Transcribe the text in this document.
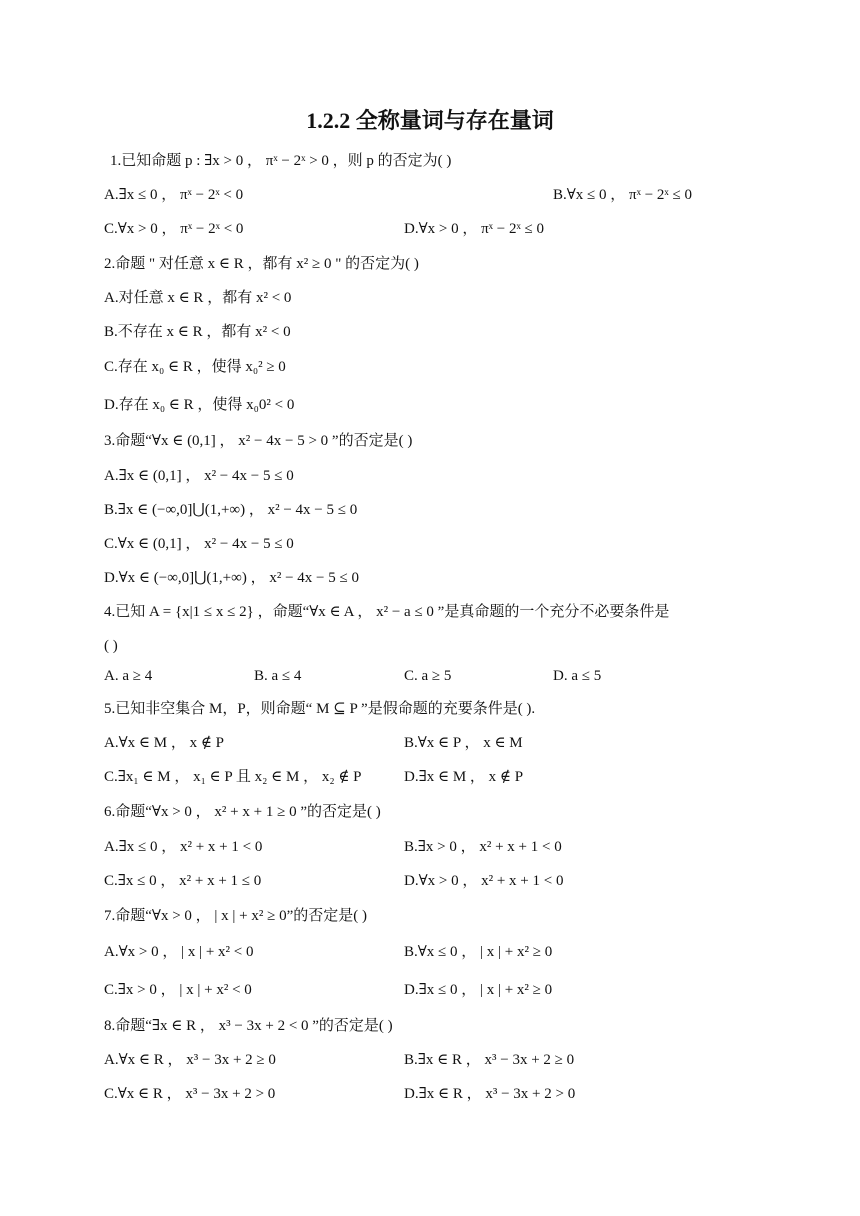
1.2.2 全称量词与存在量词
1.已知命题 p : ∃x > 0 ， πˣ − 2ˣ > 0 ，则 p 的否定为( )
A.∃x ≤ 0 ， πˣ − 2ˣ < 0	B.∀x ≤ 0 ， πˣ − 2ˣ ≤ 0
C.∀x > 0 ， πˣ − 2ˣ < 0	D.∀x > 0 ， πˣ − 2ˣ ≤ 0
2.命题 " 对任意 x ∈ R ，都有 x² ≥ 0 " 的否定为( )
A.对任意 x ∈ R ，都有 x² < 0
B.不存在 x ∈ R ，都有 x² < 0
C.存在 x₀ ∈ R ，使得 x₀² ≥ 0
D.存在 x₀ ∈ R ，使得 x₀0² < 0
3.命题“∀x ∈ (0,1] ， x² − 4x − 5 > 0 ”的否定是( )
A.∃x ∈ (0,1] ， x² − 4x − 5 ≤ 0
B.∃x ∈ (−∞,0]⋃(1,+∞) ， x² − 4x − 5 ≤ 0
C.∀x ∈ (0,1] ， x² − 4x − 5 ≤ 0
D.∀x ∈ (−∞,0]⋃(1,+∞) ， x² − 4x − 5 ≤ 0
4.已知 A = {x|1 ≤ x ≤ 2} ，命题“∀x ∈ A ， x² − a ≤ 0 ”是真命题的一个充分不必要条件是
( )
A. a ≥ 4	B. a ≤ 4	C. a ≥ 5	D. a ≤ 5
5.已知非空集合 M，P，则命题“ M ⊆ P ”是假命题的充要条件是( ).
A.∀x ∈ M ， x ∉ P	B.∀x ∈ P ， x ∈ M
C.∃x₁ ∈ M ， x₁ ∈ P 且 x₂ ∈ M ， x₂ ∉ P	D.∃x ∈ M ， x ∉ P
6.命题“∀x > 0 ， x² + x + 1 ≥ 0 ”的否定是( )
A.∃x ≤ 0 ， x² + x + 1 < 0	B.∃x > 0 ， x² + x + 1 < 0
C.∃x ≤ 0 ， x² + x + 1 ≤ 0	D.∀x > 0 ， x² + x + 1 < 0
7.命题“∀x > 0 ， | x | + x² ≥ 0”的否定是( )
A.∀x > 0 ， | x | + x² < 0	B.∀x ≤ 0 ， | x | + x² ≥ 0
C.∃x > 0 ， | x | + x² < 0	D.∃x ≤ 0 ， | x | + x² ≥ 0
8.命题“∃x ∈ R ， x³ − 3x + 2 < 0 ”的否定是( )
A.∀x ∈ R ， x³ − 3x + 2 ≥ 0	B.∃x ∈ R ， x³ − 3x + 2 ≥ 0
C.∀x ∈ R ， x³ − 3x + 2 > 0	D.∃x ∈ R ， x³ − 3x + 2 > 0
